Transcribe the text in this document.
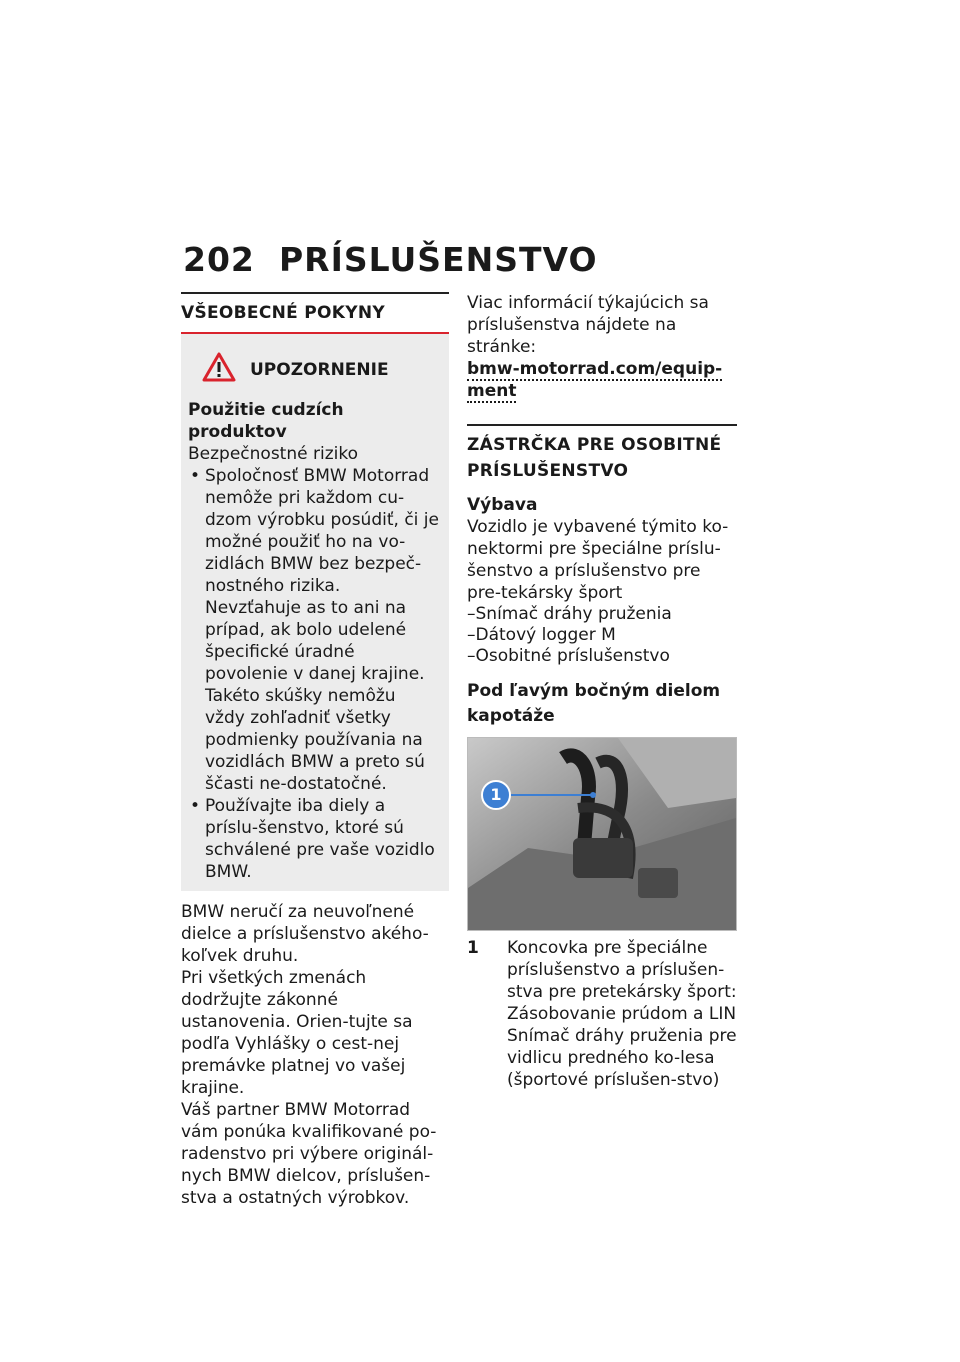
202 PRÍSLUŠENSTVO
VŠEOBECNÉ POKYNY
UPOZORNENIE
Použitie cudzích produktov
Bezpečnostné riziko
• Spoločnosť BMW Motorrad nemôže pri každom cu-dzom výrobku posúdiť, či je možné použiť ho na vo-zidlách BMW bez bezpeč-nostného rizika. Nevzťahuje as to ani na prípad, ak bolo udelené špecifické úradné povolenie v danej krajine. Takéto skúšky nemôžu vždy zohľadniť všetky podmienky používania na vozidlách BMW a preto sú ščasti ne-dostatočné.
• Používajte iba diely a príslu-šenstvo, ktoré sú schválené pre vaše vozidlo BMW.
BMW neručí za neuvoľnené dielce a príslušenstvo akého-koľvek druhu.
Pri všetkých zmenách dodržujte zákonné ustanovenia. Orien-tujte sa podľa Vyhlášky o cest-nej premávke platnej vo vašej krajine.
Váš partner BMW Motorrad vám ponúka kvalifikované po-radenstvo pri výbere originál-nych BMW dielcov, príslušen-stva a ostatných výrobkov.
Viac informácií týkajúcich sa príslušenstva nájdete na stránke:
bmw-motorrad.com/equip-ment
ZÁSTRČKA PRE OSOBITNÉ PRÍSLUŠENSTVO
Výbava
Vozidlo je vybavené týmito ko-nektormi pre špeciálne príslu-šenstvo a príslušenstvo pre pre-tekársky šport
–Snímač dráhy pruženia
–Dátový logger M
–Osobitné príslušenstvo
Pod ľavým bočným dielom kapotáže
1
1	Koncovka pre špeciálne príslušenstvo a príslušen-stva pre pretekársky šport:
Zásobovanie prúdom a LIN
Snímač dráhy pruženia pre vidlicu predného ko-lesa (športové príslušen-stvo)
